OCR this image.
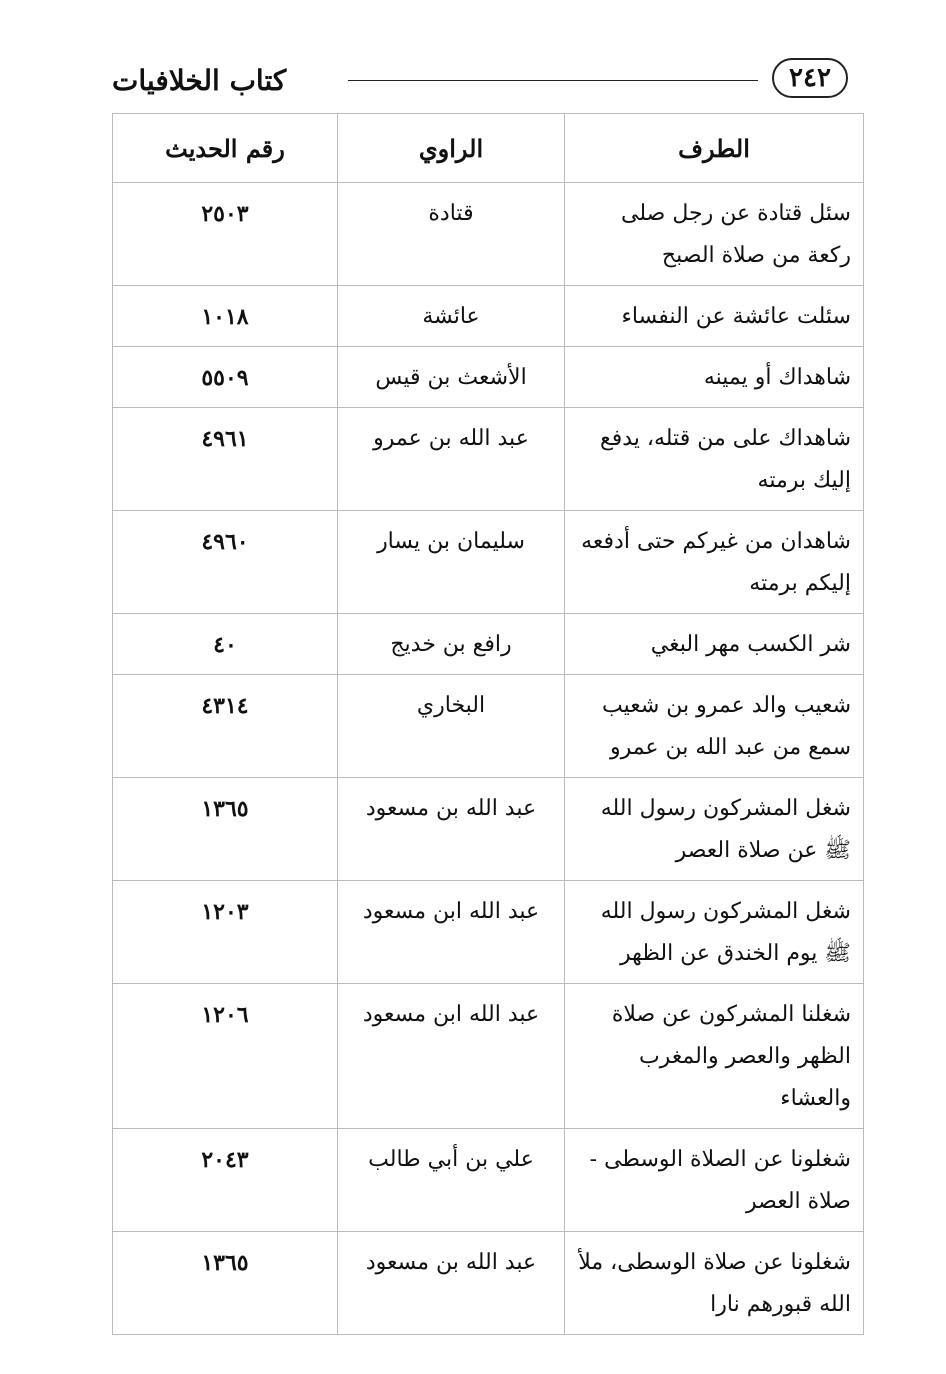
كتاب الخلافيات	٢٤٢
الطرف	الراوي	رقم الحديث
سئل قتادة عن رجل صلى ركعة من صلاة الصبح	قتادة	٢٥٠٣
سئلت عائشة عن النفساء	عائشة	١٠١٨
شاهداك أو يمينه	الأشعث بن قيس	٥٥٠٩
شاهداك على من قتله، يدفع إليك برمته	عبد الله بن عمرو	٤٩٦١
شاهدان من غيركم حتى أدفعه إليكم برمته	سليمان بن يسار	٤٩٦٠
شر الكسب مهر البغي	رافع بن خديج	٤٠
شعيب والد عمرو بن شعيب سمع من عبد الله بن عمرو	البخاري	٤٣١٤
شغل المشركون رسول الله ﷺ عن صلاة العصر	عبد الله بن مسعود	١٣٦٥
شغل المشركون رسول الله ﷺ يوم الخندق عن الظهر	عبد الله ابن مسعود	١٢٠٣
شغلنا المشركون عن صلاة الظهر والعصر والمغرب والعشاء	عبد الله ابن مسعود	١٢٠٦
شغلونا عن الصلاة الوسطى - صلاة العصر	علي بن أبي طالب	٢٠٤٣
شغلونا عن صلاة الوسطى، ملأ الله قبورهم نارا	عبد الله بن مسعود	١٣٦٥
